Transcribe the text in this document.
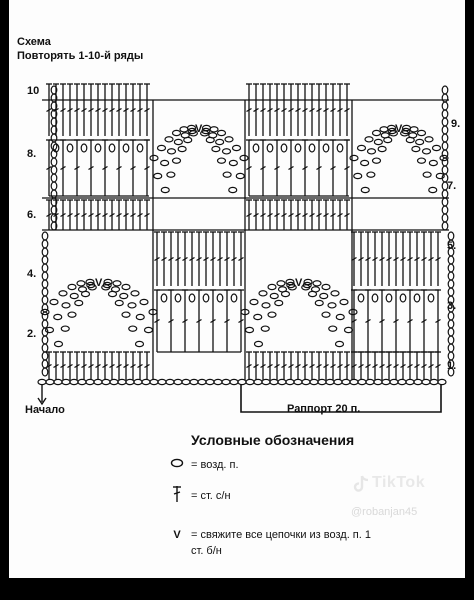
Схема
Повторять 1-10-й ряды
V	V
V	V
10
8.
6.
4.
2.
9.
7.
5.
3.
1.
Начало	Раппорт 20 п.
Условные обозначения
= возд. п.
= ст. с/н
V = свяжите все цепочки из возд. п. 1
ст. б/н
TikTok
@robanjan45
